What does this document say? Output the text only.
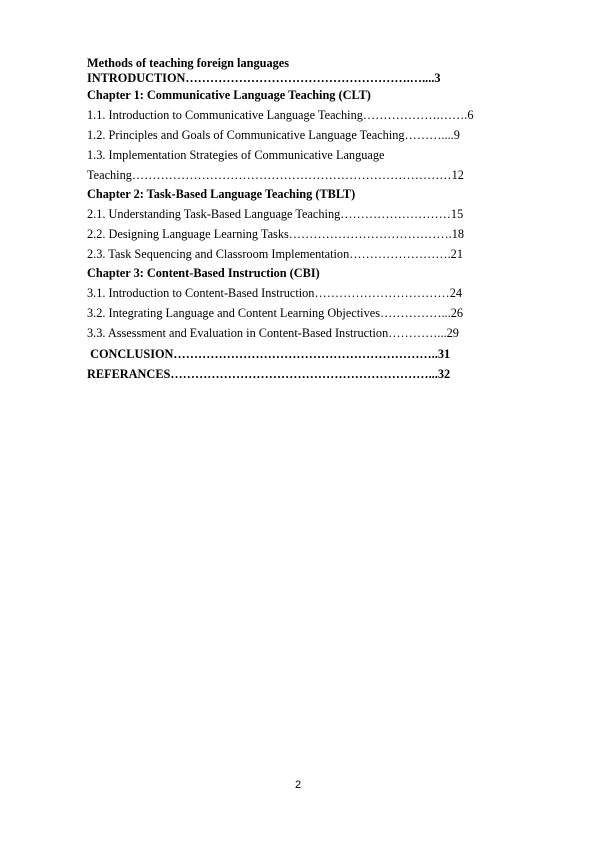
Methods of teaching foreign languages
INTRODUCTION……………………………………………….…....3
Chapter 1: Communicative Language Teaching (CLT)
1.1. Introduction to Communicative Language Teaching……………….…….6
1.2. Principles and Goals of Communicative Language Teaching………....9
1.3. Implementation Strategies of Communicative Language
Teaching……………………………………………………………………12
Chapter 2: Task-Based Language Teaching (TBLT)
2.1. Understanding Task-Based Language Teaching………………………15
2.2. Designing Language Learning Tasks………………………………….18
2.3. Task Sequencing and Classroom Implementation…………………….21
Chapter 3: Content-Based Instruction (CBI)
3.1. Introduction to Content-Based Instruction……………………………24
3.2. Integrating Language and Content Learning Objectives……………...26
3.3. Assessment and Evaluation in Content-Based Instruction…………...29
CONCLUSION………………………………………………………..31
REFERANCES………………………………………………………...32
2
